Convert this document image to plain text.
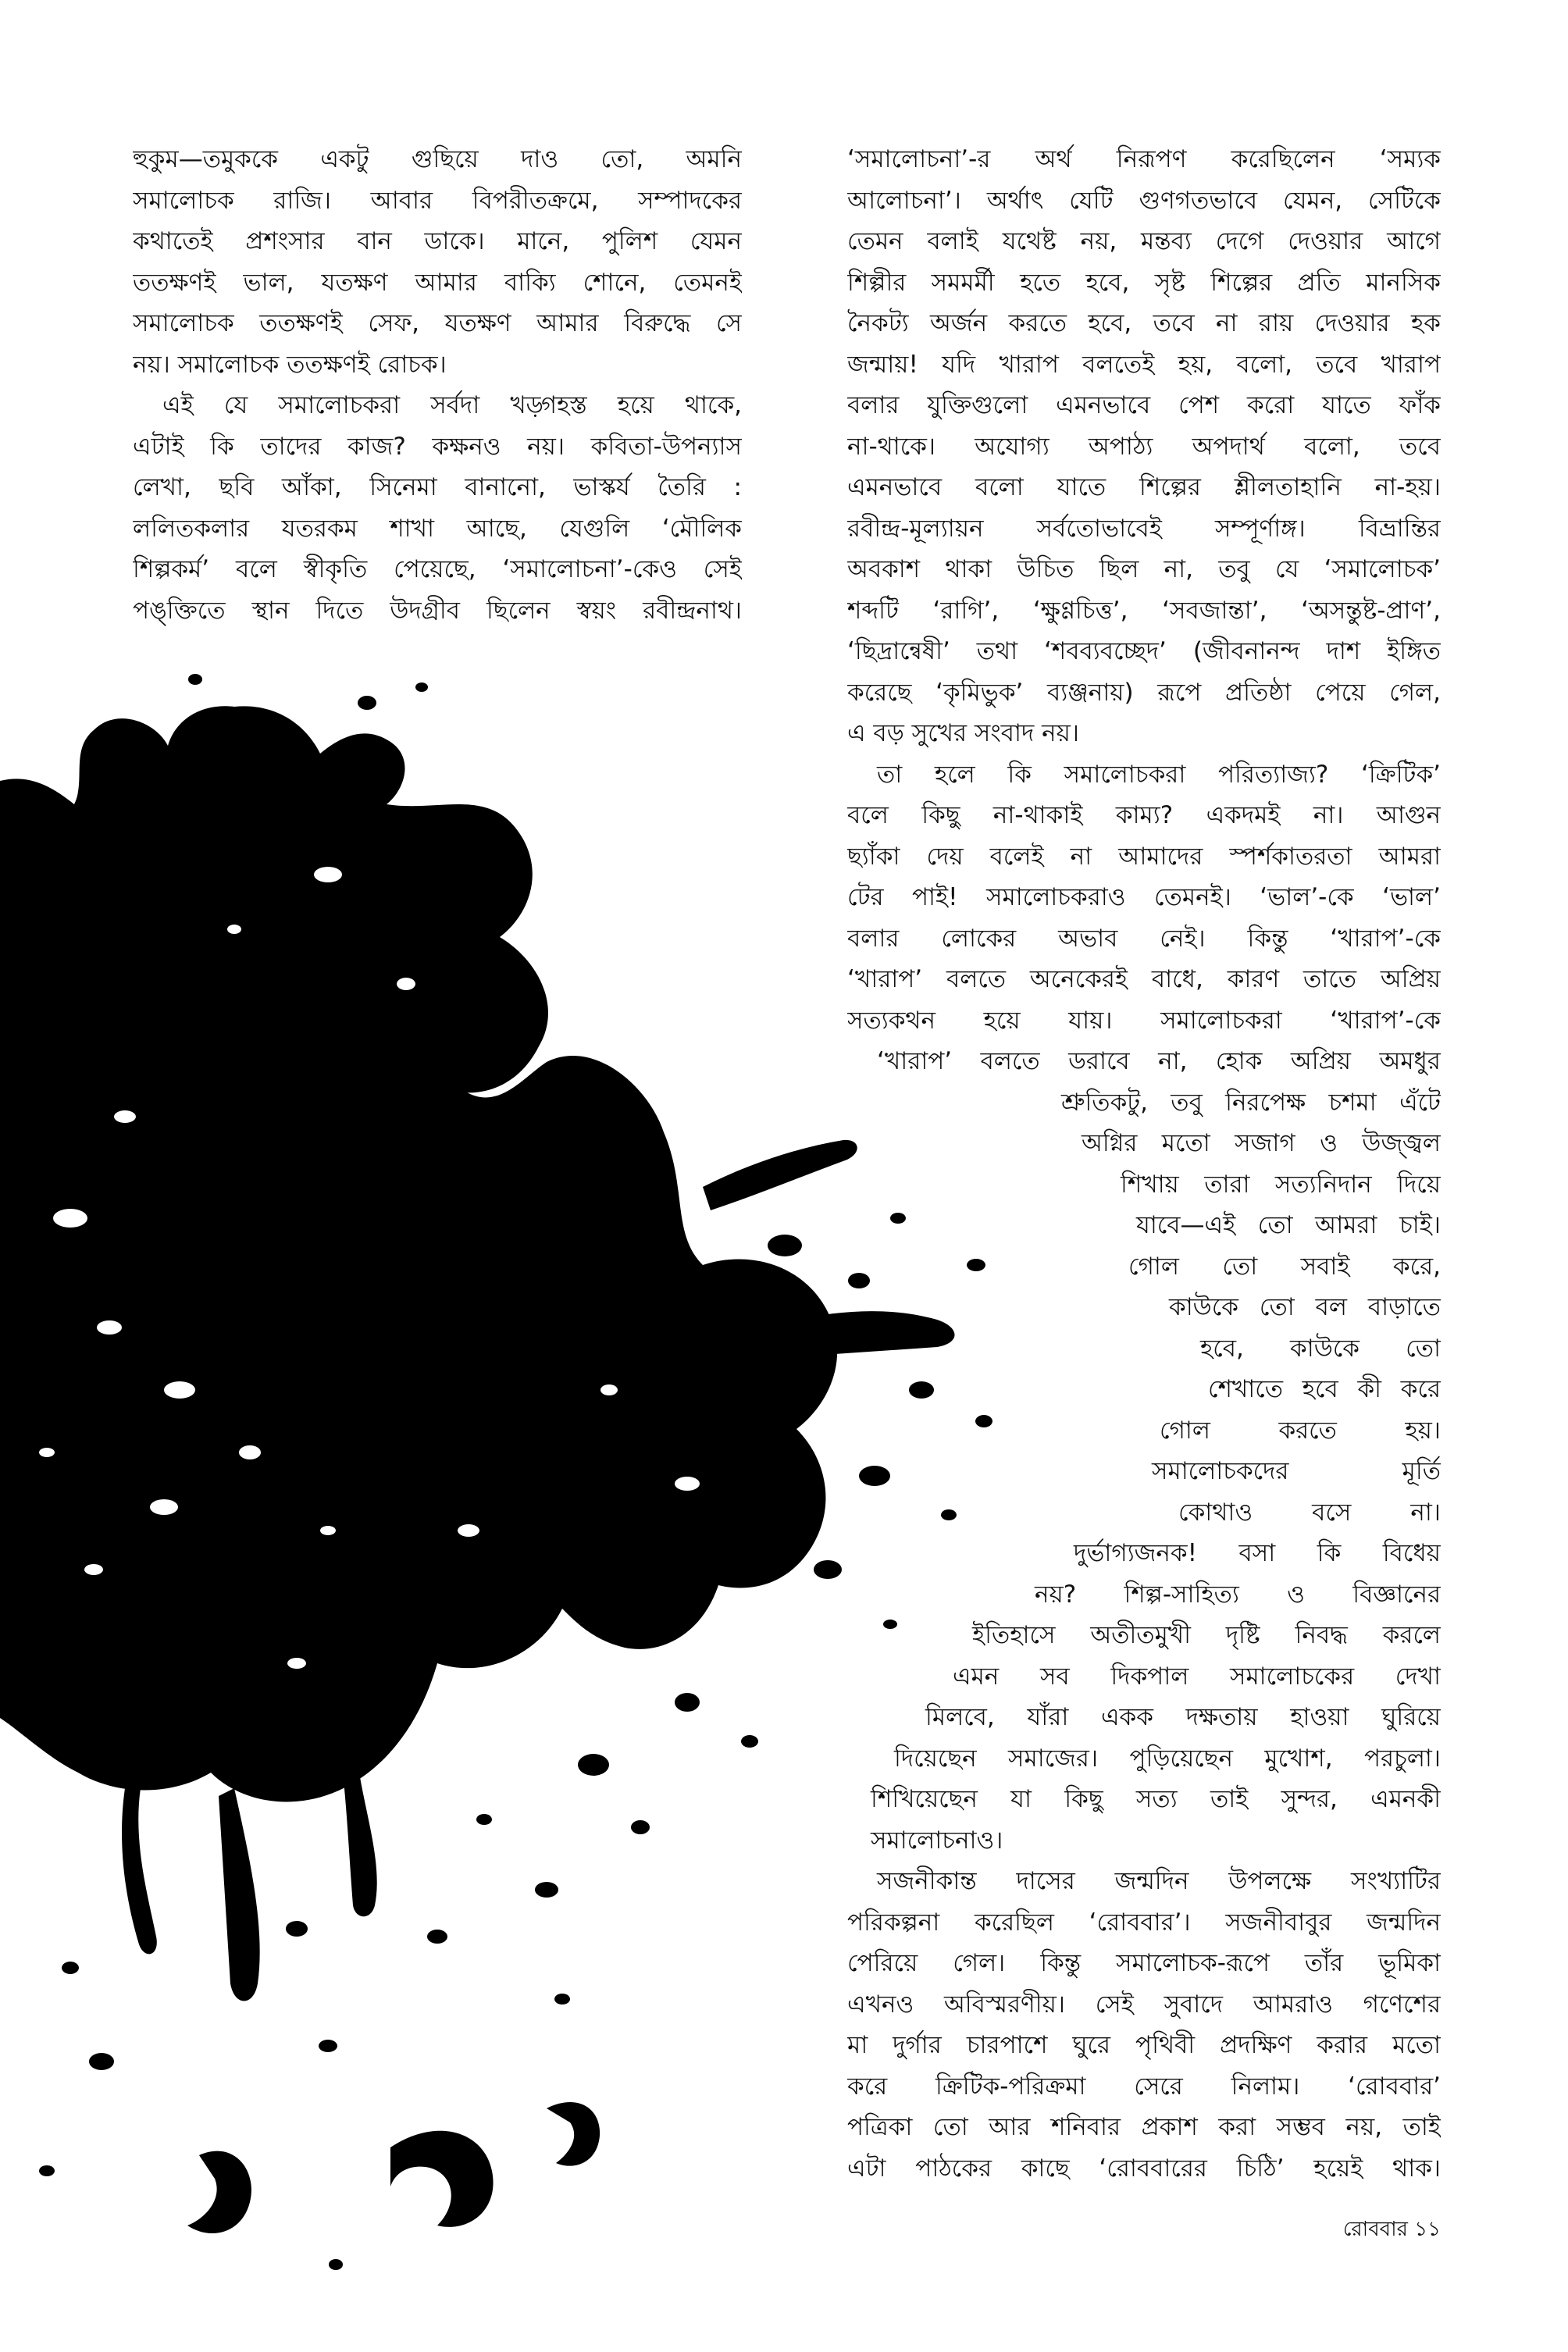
হুকুম—তমুককে একটু গুছিয়ে দাও তো, অমনি
সমালোচক রাজি। আবার বিপরীতক্রমে, সম্পাদকের
কথাতেই প্রশংসার বান ডাকে। মানে, পুলিশ যেমন
ততক্ষণই ভাল, যতক্ষণ আমার বাক্যি শোনে, তেমনই
সমালোচক ততক্ষণই সেফ, যতক্ষণ আমার বিরুদ্ধে সে
নয়। সমালোচক ততক্ষণই রোচক।
এই যে সমালোচকরা সর্বদা খড়্গহস্ত হয়ে থাকে,
এটাই কি তাদের কাজ? কক্ষনও নয়। কবিতা-উপন্যাস
লেখা, ছবি আঁকা, সিনেমা বানানো, ভাস্কর্য তৈরি :
ললিতকলার যতরকম শাখা আছে, যেগুলি ‘মৌলিক
শিল্পকর্ম’ বলে স্বীকৃতি পেয়েছে, ‘সমালোচনা’-কেও সেই
পঙ্‌ক্তিতে স্থান দিতে উদগ্রীব ছিলেন স্বয়ং রবীন্দ্রনাথ।
‘সমালোচনা’-র অর্থ নিরূপণ করেছিলেন ‘সম্যক
আলোচনা’। অর্থাৎ যেটি গুণগতভাবে যেমন, সেটিকে
তেমন বলাই যথেষ্ট নয়, মন্তব্য দেগে দেওয়ার আগে
শিল্পীর সমমর্মী হতে হবে, সৃষ্ট শিল্পের প্রতি মানসিক
নৈকট্য অর্জন করতে হবে, তবে না রায় দেওয়ার হক
জন্মায়! যদি খারাপ বলতেই হয়, বলো, তবে খারাপ
বলার যুক্তিগুলো এমনভাবে পেশ করো যাতে ফাঁক
না-থাকে। অযোগ্য অপাঠ্য অপদার্থ বলো, তবে
এমনভাবে বলো যাতে শিল্পের শ্লীলতাহানি না-হয়।
রবীন্দ্র-মূল্যায়ন সর্বতোভাবেই সম্পূর্ণাঙ্গ। বিভ্রান্তির
অবকাশ থাকা উচিত ছিল না, তবু যে ‘সমালোচক’
শব্দটি ‘রাগি’, ‘ক্ষুণ্ণচিত্ত’, ‘সবজান্তা’, ‘অসন্তুষ্ট-প্রাণ’,
‘ছিদ্রান্বেষী’ তথা ‘শবব্যবচ্ছেদ’ (জীবনানন্দ দাশ ইঙ্গিত
করেছে ‘কৃমিভুক’ ব্যঞ্জনায়) রূপে প্রতিষ্ঠা পেয়ে গেল,
এ বড় সুখের সংবাদ নয়।
তা হলে কি সমালোচকরা পরিত্যাজ্য? ‘ক্রিটিক’
বলে কিছু না-থাকাই কাম্য? একদমই না। আগুন
ছ্যাঁকা দেয় বলেই না আমাদের স্পর্শকাতরতা আমরা
টের পাই! সমালোচকরাও তেমনই। ‘ভাল’-কে ‘ভাল’
বলার লোকের অভাব নেই। কিন্তু ‘খারাপ’-কে
‘খারাপ’ বলতে অনেকেরই বাধে, কারণ তাতে অপ্রিয়
সত্যকথন হয়ে যায়। সমালোচকরা ‘খারাপ’-কে
‘খারাপ’ বলতে ডরাবে না, হোক অপ্রিয় অমধুর
শ্রুতিকটু, তবু নিরপেক্ষ চশমা এঁটে
অগ্নির মতো সজাগ ও উজ্জ্বল
শিখায় তারা সত্যনিদান দিয়ে
যাবে—এই তো আমরা চাই।
গোল তো সবাই করে,
কাউকে তো বল বাড়াতে
হবে, কাউকে তো
শেখাতে হবে কী করে
গোল করতে হয়।
সমালোচকদের মূর্তি
কোথাও বসে না।
দুর্ভাগ্যজনক! বসা কি বিধেয়
নয়? শিল্প-সাহিত্য ও বিজ্ঞানের
ইতিহাসে অতীতমুখী দৃষ্টি নিবদ্ধ করলে
এমন সব দিকপাল সমালোচকের দেখা
মিলবে, যাঁরা একক দক্ষতায় হাওয়া ঘুরিয়ে
দিয়েছেন সমাজের। পুড়িয়েছেন মুখোশ, পরচুলা।
শিখিয়েছেন যা কিছু সত্য তাই সুন্দর, এমনকী
সমালোচনাও।
সজনীকান্ত দাসের জন্মদিন উপলক্ষে সংখ্যাটির
পরিকল্পনা করেছিল ‘রোববার’। সজনীবাবুর জন্মদিন
পেরিয়ে গেল। কিন্তু সমালোচক-রূপে তাঁর ভূমিকা
এখনও অবিস্মরণীয়। সেই সুবাদে আমরাও গণেশের
মা দুর্গার চারপাশে ঘুরে পৃথিবী প্রদক্ষিণ করার মতো
করে ক্রিটিক-পরিক্রমা সেরে নিলাম। ‘রোববার’
পত্রিকা তো আর শনিবার প্রকাশ করা সম্ভব নয়, তাই
এটা পাঠকের কাছে ‘রোববারের চিঠি’ হয়েই থাক।
রোববার ১১
